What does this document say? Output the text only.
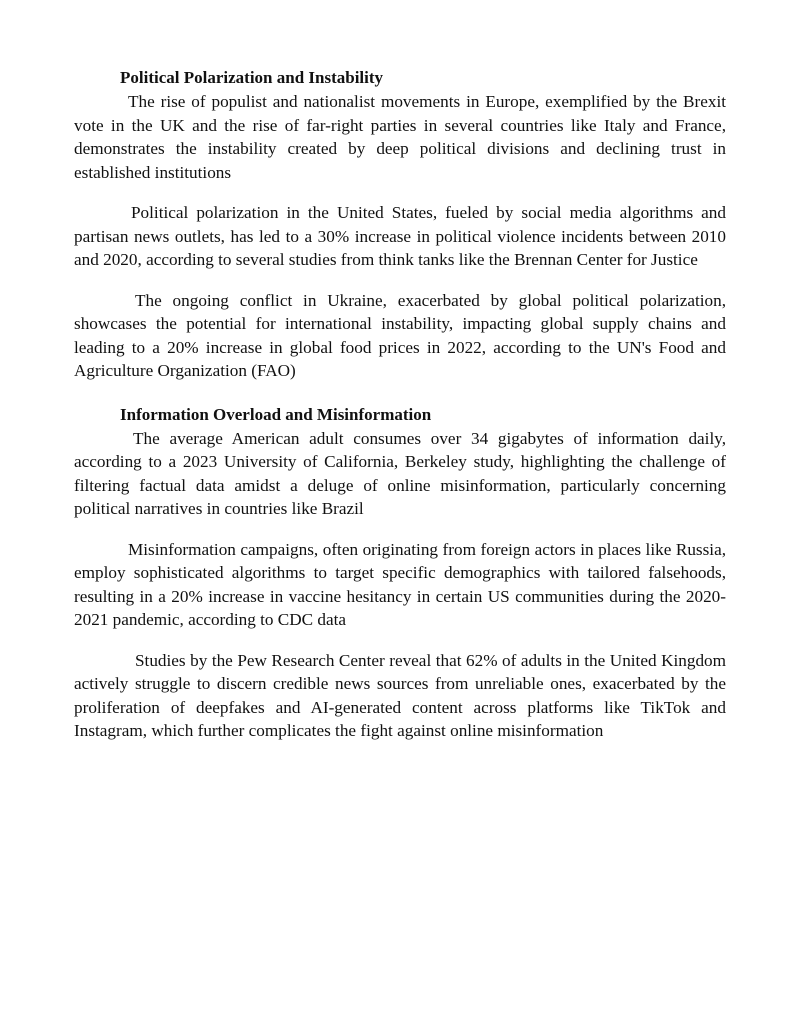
Political Polarization and Instability

The rise of populist and nationalist movements in Europe, exemplified by the Brexit vote in the UK and the rise of far-right parties in several countries like Italy and France, demonstrates the instability created by deep political divisions and declining trust in established institutions

Political polarization in the United States, fueled by social media algorithms and partisan news outlets, has led to a 30% increase in political violence incidents between 2010 and 2020, according to several studies from think tanks like the Brennan Center for Justice

The ongoing conflict in Ukraine, exacerbated by global political polarization, showcases the potential for international instability, impacting global supply chains and leading to a 20% increase in global food prices in 2022, according to the UN's Food and Agriculture Organization (FAO)

Information Overload and Misinformation

The average American adult consumes over 34 gigabytes of information daily, according to a 2023 University of California, Berkeley study, highlighting the challenge of filtering factual data amidst a deluge of online misinformation, particularly concerning political narratives in countries like Brazil

Misinformation campaigns, often originating from foreign actors in places like Russia, employ sophisticated algorithms to target specific demographics with tailored falsehoods, resulting in a 20% increase in vaccine hesitancy in certain US communities during the 2020-2021 pandemic, according to CDC data

Studies by the Pew Research Center reveal that 62% of adults in the United Kingdom actively struggle to discern credible news sources from unreliable ones, exacerbated by the proliferation of deepfakes and AI-generated content across platforms like TikTok and Instagram, which further complicates the fight against online misinformation
